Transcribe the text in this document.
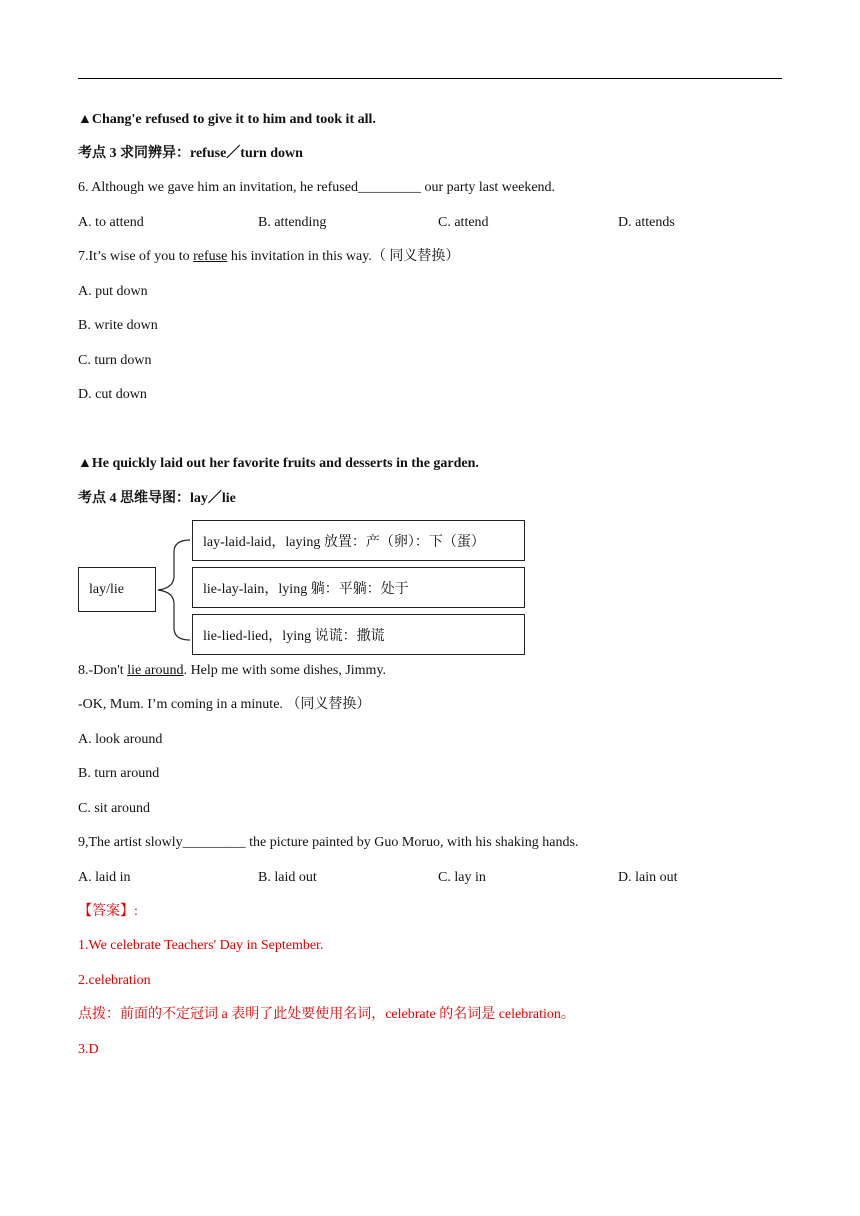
▲Chang'e refused to give it to him and took it all.
考点 3 求同辨异：refuse／turn down
6. Although we gave him an invitation, he refused_________ our party last weekend.
A. to attend	B. attending	C. attend	D. attends
7.It’s wise of you to refuse his invitation in this way.（ 同义替换）
A. put down
B. write down
C. turn down
D. cut down
▲He quickly laid out her favorite fruits and desserts in the garden.
考点 4 思维导图：lay／lie
lay/lie
lay-laid-laid，laying 放置：产（卵）：下（蛋）
lie-lay-lain，lying 躺：平躺：处于
lie-lied-lied，lying 说谎：撒谎
8.-Don't lie around. Help me with some dishes, Jimmy.
-OK, Mum. I’m coming in a minute. （同义替换）
A. look around
B. turn around
C. sit around
9,The artist slowly_________ the picture painted by Guo Moruo, with his shaking hands.
A. laid in	B. laid out	C. lay in	D. lain out
【答案】:
1.We celebrate Teachers' Day in September.
2.celebration
点拨：前面的不定冠词 a 表明了此处要使用名词，celebrate 的名词是 celebration。
3.D
